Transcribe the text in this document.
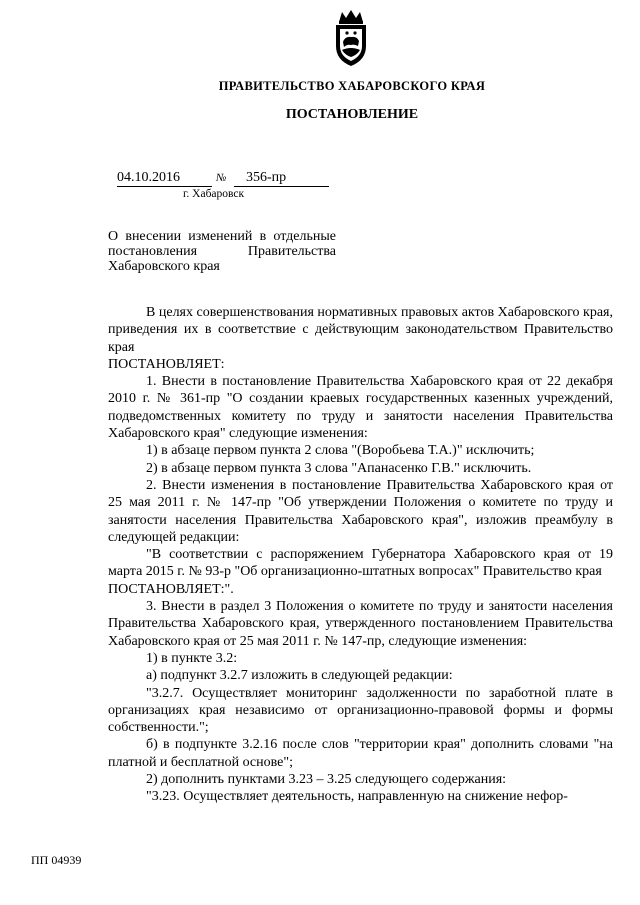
ПРАВИТЕЛЬСТВО ХАБАРОВСКОГО КРАЯ
ПОСТАНОВЛЕНИЕ
04.10.2016	№	356-пр
г. Хабаровск
О внесении изменений в отдельные постановления Правительства Хабаровского края

В целях совершенствования нормативных правовых актов Хабаровского края, приведения их в соответствие с действующим законодательством Правительство края

ПОСТАНОВЛЯЕТ:

1. Внести в постановление Правительства Хабаровского края от 22 декабря 2010 г. № 361-пр "О создании краевых государственных казенных учреждений, подведомственных комитету по труду и занятости населения Правительства Хабаровского края" следующие изменения:

1) в абзаце первом пункта 2 слова "(Воробьева Т.А.)" исключить;

2) в абзаце первом пункта 3 слова "Апанасенко Г.В." исключить.

2. Внести изменения в постановление Правительства Хабаровского края от 25 мая 2011 г. № 147-пр "Об утверждении Положения о комитете по труду и занятости населения Правительства Хабаровского края", изложив преамбулу в следующей редакции:

"В соответствии с распоряжением Губернатора Хабаровского края от 19 марта 2015 г. № 93-р "Об организационно-штатных вопросах" Правительство края

ПОСТАНОВЛЯЕТ:".

3. Внести в раздел 3 Положения о комитете по труду и занятости населения Правительства Хабаровского края, утвержденного постановлением Правительства Хабаровского края от 25 мая 2011 г. № 147-пр, следующие изменения:

1) в пункте 3.2:

а) подпункт 3.2.7 изложить в следующей редакции:

"3.2.7. Осуществляет мониторинг задолженности по заработной плате в организациях края независимо от организационно-правовой формы и формы собственности.";

б) в подпункте 3.2.16 после слов "территории края" дополнить словами "на платной и бесплатной основе";

2) дополнить пунктами 3.23 – 3.25 следующего содержания:

"3.23. Осуществляет деятельность, направленную на снижение нефор-

ПП 04939
